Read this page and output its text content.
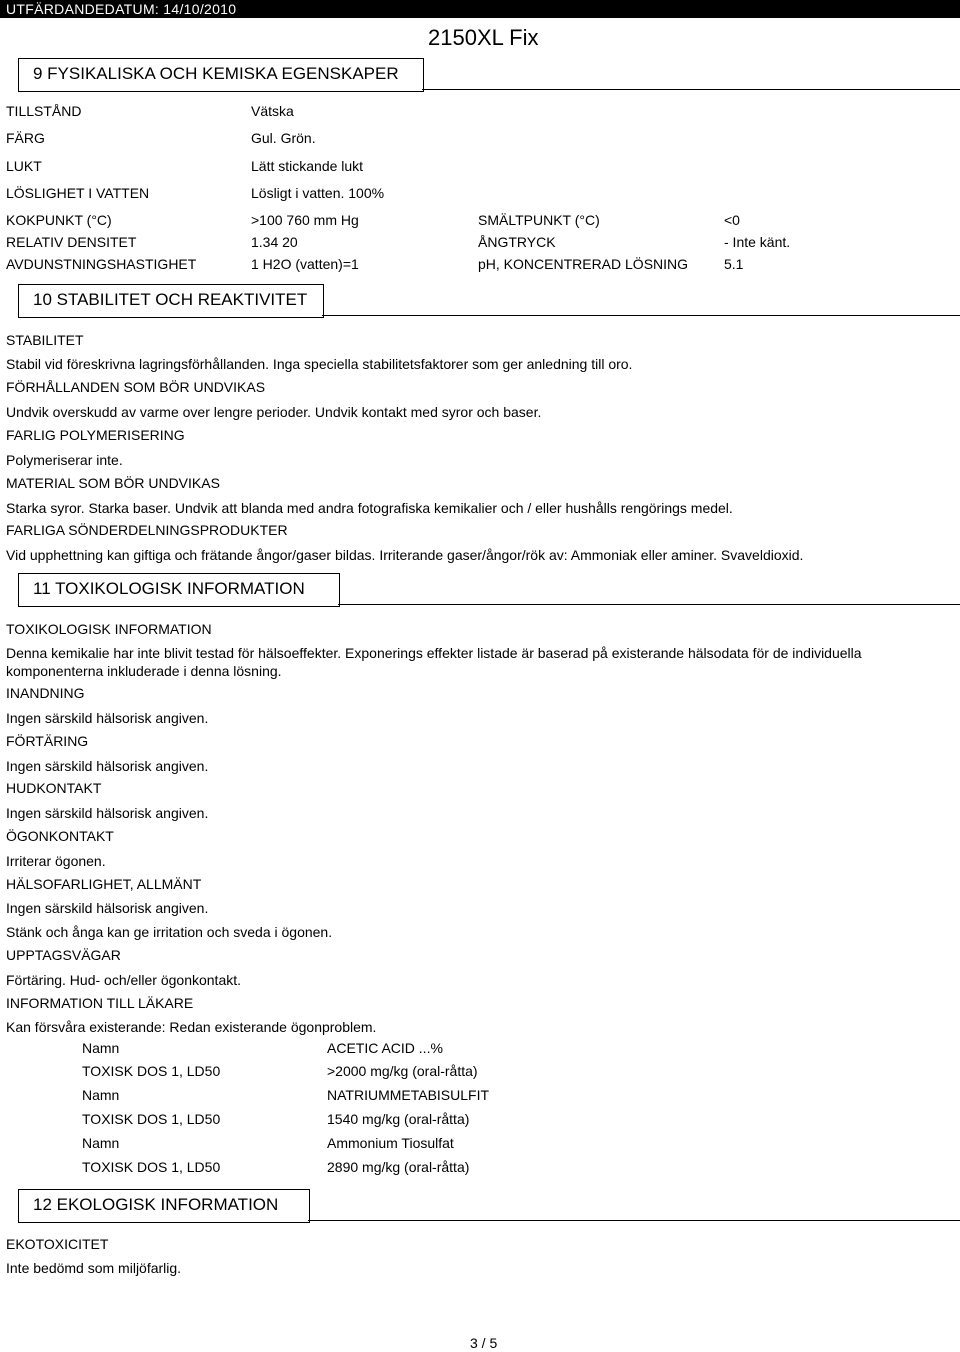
UTFÄRDANDEDATUM: 14/10/2010
2150XL Fix
9 FYSIKALISKA OCH KEMISKA EGENSKAPER
TILLSTÅND	Vätska
FÄRG	Gul. Grön.
LUKT	Lätt stickande lukt
LÖSLIGHET I VATTEN	Lösligt i vatten. 100%
KOKPUNKT (°C)	>100 760 mm Hg	SMÄLTPUNKT (°C)	<0
RELATIV DENSITET	1.34 20	ÅNGTRYCK	- Inte känt.
AVDUNSTNINGSHASTIGHET	1 H2O (vatten)=1	pH, KONCENTRERAD LÖSNING	5.1
10 STABILITET OCH REAKTIVITET
STABILITET
Stabil vid föreskrivna lagringsförhållanden. Inga speciella stabilitetsfaktorer som ger anledning till oro.
FÖRHÅLLANDEN SOM BÖR UNDVIKAS
Undvik overskudd av varme over lengre perioder. Undvik kontakt med syror och baser.
FARLIG POLYMERISERING
Polymeriserar inte.
MATERIAL SOM BÖR UNDVIKAS
Starka syror. Starka baser. Undvik att blanda med andra fotografiska kemikalier och / eller hushålls rengörings medel.
FARLIGA SÖNDERDELNINGSPRODUKTER
Vid upphettning kan giftiga och frätande ångor/gaser bildas. Irriterande gaser/ångor/rök av: Ammoniak eller aminer. Svaveldioxid.
11 TOXIKOLOGISK INFORMATION
TOXIKOLOGISK INFORMATION
Denna kemikalie har inte blivit testad för hälsoeffekter. Exponerings effekter listade är baserad på existerande hälsodata för de individuella komponenterna inkluderade i denna lösning.
INANDNING
Ingen särskild hälsorisk angiven.
FÖRTÄRING
Ingen särskild hälsorisk angiven.
HUDKONTAKT
Ingen särskild hälsorisk angiven.
ÖGONKONTAKT
Irriterar ögonen.
HÄLSOFARLIGHET, ALLMÄNT
Ingen särskild hälsorisk angiven.
Stänk och ånga kan ge irritation och sveda i ögonen.
UPPTAGSVÄGAR
Förtäring. Hud- och/eller ögonkontakt.
INFORMATION TILL LÄKARE
Kan försvåra existerande: Redan existerande ögonproblem.
Namn	ACETIC ACID ...%
TOXISK DOS 1, LD50	>2000 mg/kg (oral-råtta)
Namn	NATRIUMMETABISULFIT
TOXISK DOS 1, LD50	1540 mg/kg (oral-råtta)
Namn	Ammonium Tiosulfat
TOXISK DOS 1, LD50	2890 mg/kg (oral-råtta)
12 EKOLOGISK INFORMATION
EKOTOXICITET
Inte bedömd som miljöfarlig.
3 / 5
